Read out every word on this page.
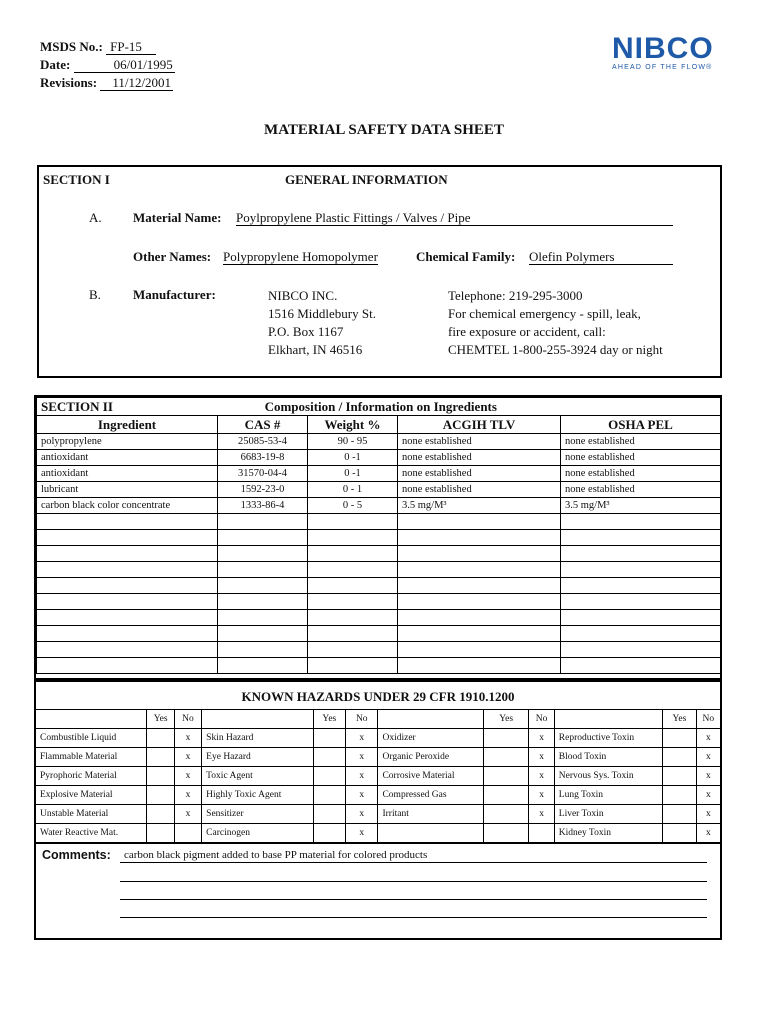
MSDS No.: FP-15
Date:	06/01/1995
Revisions: 11/12/2001
NIBCO
AHEAD OF THE FLOW®
MATERIAL SAFETY DATA SHEET
SECTION I	GENERAL INFORMATION
A. Material Name: Poylpropylene Plastic Fittings / Valves / Pipe
Other Names: Polypropylene Homopolymer	Chemical Family: Olefin Polymers
B. Manufacturer:	NIBCO INC.
1516 Middlebury St.
P.O. Box 1167
Elkhart, IN 46516
Telephone: 219-295-3000
For chemical emergency - spill, leak,
fire exposure or accident, call:
CHEMTEL 1-800-255-3924 day or night
SECTION II	Composition / Information on Ingredients			
Ingredient	CAS #	Weight %	ACGIH TLV	OSHA PEL
polypropylene	25085-53-4	90 - 95	none established	none established
antioxidant	6683-19-8	0 -1	none established	none established
antioxidant	31570-04-4	0 -1	none established	none established
lubricant	1592-23-0	0 - 1	none established	none established
carbon black color concentrate	1333-86-4	0 - 5	3.5 mg/M³	3.5 mg/M³

KNOWN HAZARDS UNDER 29 CFR 1910.1200
	Yes	No		Yes	No		Yes	No		Yes	No
Combustible Liquid		x	Skin Hazard		x	Oxidizer		x	Reproductive Toxin		x
Flammable Material		x	Eye Hazard		x	Organic Peroxide		x	Blood Toxin		x
Pyrophoric Material		x	Toxic Agent		x	Corrosive Material		x	Nervous Sys. Toxin		x
Explosive Material		x	Highly Toxic Agent		x	Compressed Gas		x	Lung Toxin		x
Unstable Material		x	Sensitizer		x	Irritant		x	Liver Toxin		x
Water Reactive Mat.			Carcinogen		x				Kidney Toxin		x
Comments: carbon black pigment added to base PP material for colored products
